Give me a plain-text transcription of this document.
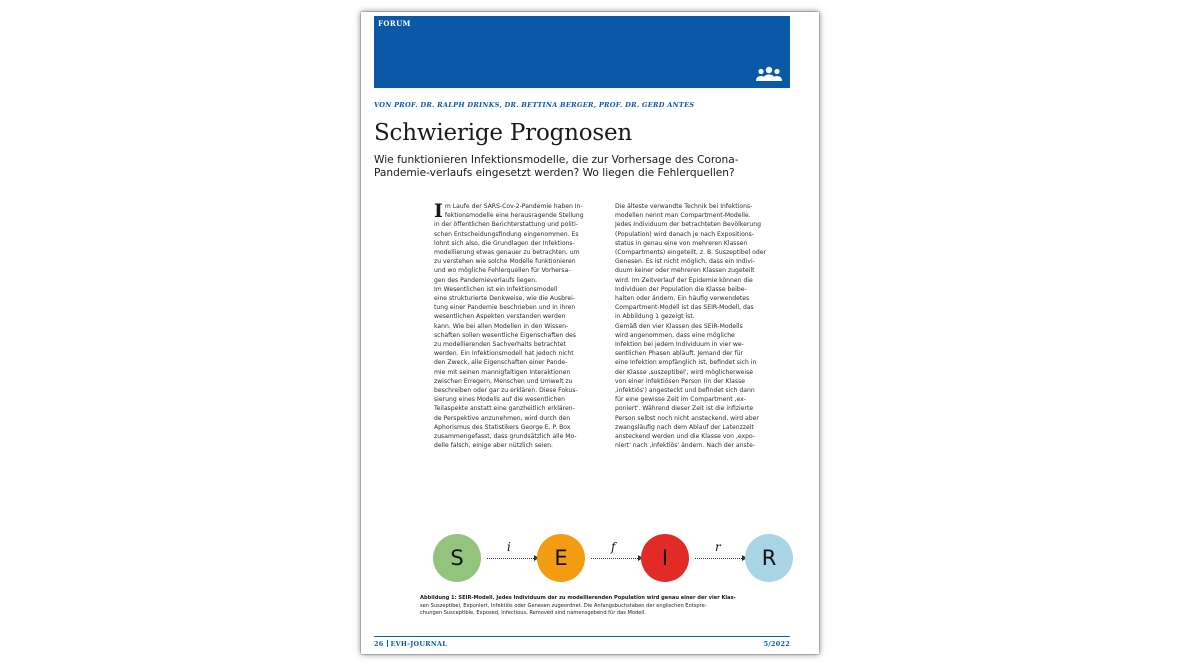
FORUM
VON PROF. DR. RALPH DRINKS, DR. BETTINA BERGER, PROF. DR. GERD ANTES
Schwierige Prognosen
Wie funktionieren Infektionsmodelle, die zur Vorhersage des Corona-Pandemie-verlaufs eingesetzt werden? Wo liegen die Fehlerquellen?
I m Laufe der SARS-Cov-2-Pandemie haben In-
fektionsmodelle eine herausragende Stellung
in der öffentlichen Berichterstattung und politi-
schen Entscheidungsfindung eingenommen. Es
lohnt sich also, die Grundlagen der Infektions-
modellierung etwas genauer zu betrachten, um
zu verstehen wie solche Modelle funktionieren
und wo mögliche Fehlerquellen für Vorhersa-
gen des Pandemieverlaufs liegen.
Im Wesentlichen ist ein Infektionsmodell
eine strukturierte Denkweise, wie die Ausbrei-
tung einer Pandemie beschrieben und in ihren
wesentlichen Aspekten verstanden werden
kann. Wie bei allen Modellen in den Wissen-
schaften sollen wesentliche Eigenschaften des
zu modellierenden Sachverhalts betrachtet
werden. Ein Infektionsmodell hat jedoch nicht
den Zweck, alle Eigenschaften einer Pande-
mie mit seinen mannigfaltigen Interaktionen
zwischen Erregern, Menschen und Umwelt zu
beschreiben oder gar zu erklären. Diese Fokus-
sierung eines Modells auf die wesentlichen
Teilaspekte anstatt eine ganzheitlich erklären-
de Perspektive anzunehmen, wird durch den
Aphorismus des Statistikers George E. P. Box
zusammengefasst, dass grundsätzlich alle Mo-
delle falsch, einige aber nützlich seien.
Die älteste verwandte Technik bei Infektions-
modellen nennt man Compartment-Modelle.
Jedes Individuum der betrachteten Bevölkerung
(Population) wird danach je nach Expositions-
status in genau eine von mehreren Klassen
(Compartments) eingeteilt, z. B. Suszeptibel oder
Genesen. Es ist nicht möglich, dass ein Indivi-
duum keiner oder mehreren Klassen zugeteilt
wird. Im Zeitverlauf der Epidemie können die
Individuen der Population die Klasse beibe-
halten oder ändern. Ein häufig verwendetes
Compartment-Modell ist das SEIR-Modell, das
in Abbildung 1 gezeigt ist.
Gemäß den vier Klassen des SEIR-Modells
wird angenommen, dass eine mögliche
Infektion bei jedem Individuum in vier we-
sentlichen Phasen abläuft. Jemand der für
eine Infektion empfänglich ist, befindet sich in
der Klasse ‚suszeptibel', wird möglicherweise
von einer infektiösen Person (in der Klasse
‚infektiös') angesteckt und befindet sich dann
für eine gewisse Zeit im Compartment ‚ex-
poniert'. Während dieser Zeit ist die infizierte
Person selbst noch nicht ansteckend, wird aber
zwangsläufig nach dem Ablauf der Latenzzeit
ansteckend werden und die Klasse von ‚expo-
niert' nach ‚infektiös' ändern. Nach der anste-
S	i E	f I	r R
Abbildung 1: SEIR-Modell. Jedes Individuum der zu modellierenden Population wird genau einer der vier Klas-
sen Suszeptibel, Exponiert, Infektiös oder Genesen zugeordnet. Die Anfangsbuchstaben der englischen Entspre-
chungen Susceptible, Exposed, Infectious, Removed sind namensgebend für das Modell.
26 EVH-JOURNAL	5/2022
